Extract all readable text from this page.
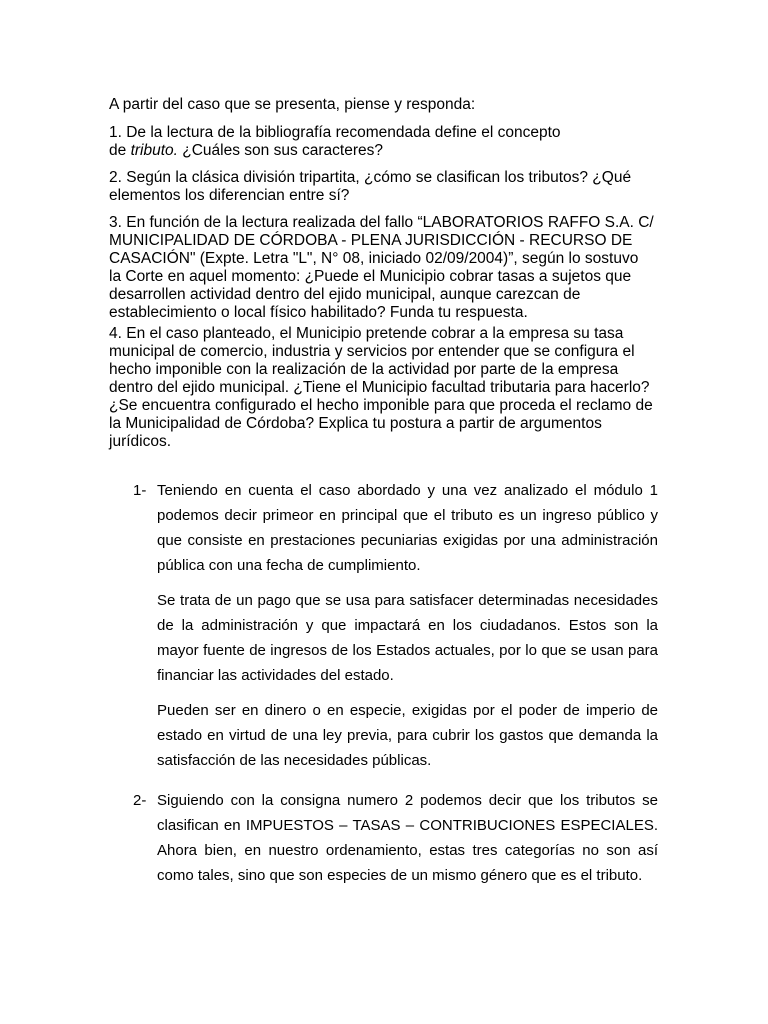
A partir del caso que se presenta, piense y responda:

1. De la lectura de la bibliografía recomendada define el concepto de tributo. ¿Cuáles son sus caracteres?

2. Según la clásica división tripartita, ¿cómo se clasifican los tributos? ¿Qué elementos los diferencian entre sí?

3. En función de la lectura realizada del fallo “LABORATORIOS RAFFO S.A. C/ MUNICIPALIDAD DE CÓRDOBA - PLENA JURISDICCIÓN - RECURSO DE CASACIÓN" (Expte. Letra "L", N° 08, iniciado 02/09/2004)”, según lo sostuvo la Corte en aquel momento: ¿Puede el Municipio cobrar tasas a sujetos que desarrollen actividad dentro del ejido municipal, aunque carezcan de establecimiento o local físico habilitado? Funda tu respuesta.

4. En el caso planteado, el Municipio pretende cobrar a la empresa su tasa municipal de comercio, industria y servicios por entender que se configura el hecho imponible con la realización de la actividad por parte de la empresa dentro del ejido municipal. ¿Tiene el Municipio facultad tributaria para hacerlo? ¿Se encuentra configurado el hecho imponible para que proceda el reclamo de la Municipalidad de Córdoba? Explica tu postura a partir de argumentos jurídicos.

1- Teniendo en cuenta el caso abordado y una vez analizado el módulo 1 podemos decir primeor en principal que el tributo es un ingreso público y que consiste en prestaciones pecuniarias exigidas por una administración pública con una fecha de cumplimiento.

Se trata de un pago que se usa para satisfacer determinadas necesidades de la administración y que impactará en los ciudadanos. Estos son la mayor fuente de ingresos de los Estados actuales, por lo que se usan para financiar las actividades del estado.

Pueden ser en dinero o en especie, exigidas por el poder de imperio de estado en virtud de una ley previa, para cubrir los gastos que demanda la satisfacción de las necesidades públicas.

2- Siguiendo con la consigna numero 2 podemos decir que los tributos se clasifican en IMPUESTOS – TASAS – CONTRIBUCIONES ESPECIALES. Ahora bien, en nuestro ordenamiento, estas tres categorías no son así como tales, sino que son especies de un mismo género que es el tributo.
